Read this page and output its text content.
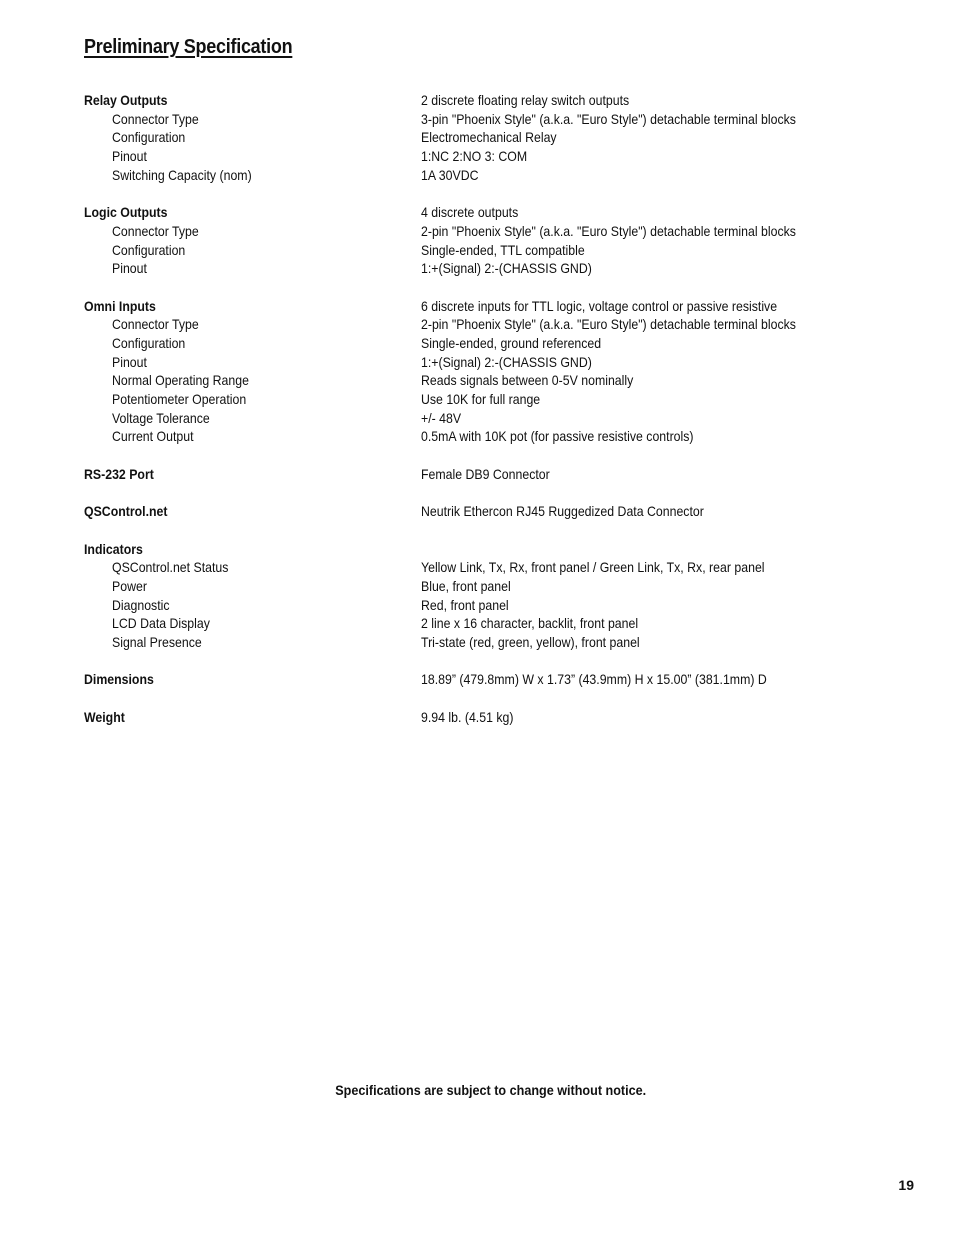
Preliminary Specification
Relay Outputs	2 discrete floating relay switch outputs
Connector Type	3-pin "Phoenix Style" (a.k.a. "Euro Style") detachable terminal blocks
Configuration	Electromechanical Relay
Pinout	1:NC 2:NO 3: COM
Switching Capacity (nom)	1A 30VDC
Logic Outputs	4 discrete outputs
Connector Type	2-pin "Phoenix Style" (a.k.a. "Euro Style") detachable terminal blocks
Configuration	Single-ended, TTL compatible
Pinout	1:+(Signal) 2:-(CHASSIS GND)
Omni Inputs	6 discrete inputs for TTL logic, voltage control or passive resistive
Connector Type	2-pin "Phoenix Style" (a.k.a. "Euro Style") detachable terminal blocks
Configuration	Single-ended, ground referenced
Pinout	1:+(Signal) 2:-(CHASSIS GND)
Normal Operating Range	Reads signals between 0-5V nominally
Potentiometer Operation	Use 10K for full range
Voltage Tolerance	+/- 48V
Current Output	0.5mA with 10K pot (for passive resistive controls)
RS-232 Port	Female DB9 Connector
QSControl.net	Neutrik Ethercon RJ45 Ruggedized Data Connector
Indicators
QSControl.net Status	Yellow Link, Tx, Rx, front panel / Green Link, Tx, Rx, rear panel
Power	Blue, front panel
Diagnostic	Red, front panel
LCD Data Display	2 line x 16 character, backlit, front panel
Signal Presence	Tri-state (red, green, yellow), front panel
Dimensions	18.89” (479.8mm) W x 1.73” (43.9mm) H x 15.00” (381.1mm) D
Weight	9.94 lb. (4.51 kg)
Specifications are subject to change without notice.
19
